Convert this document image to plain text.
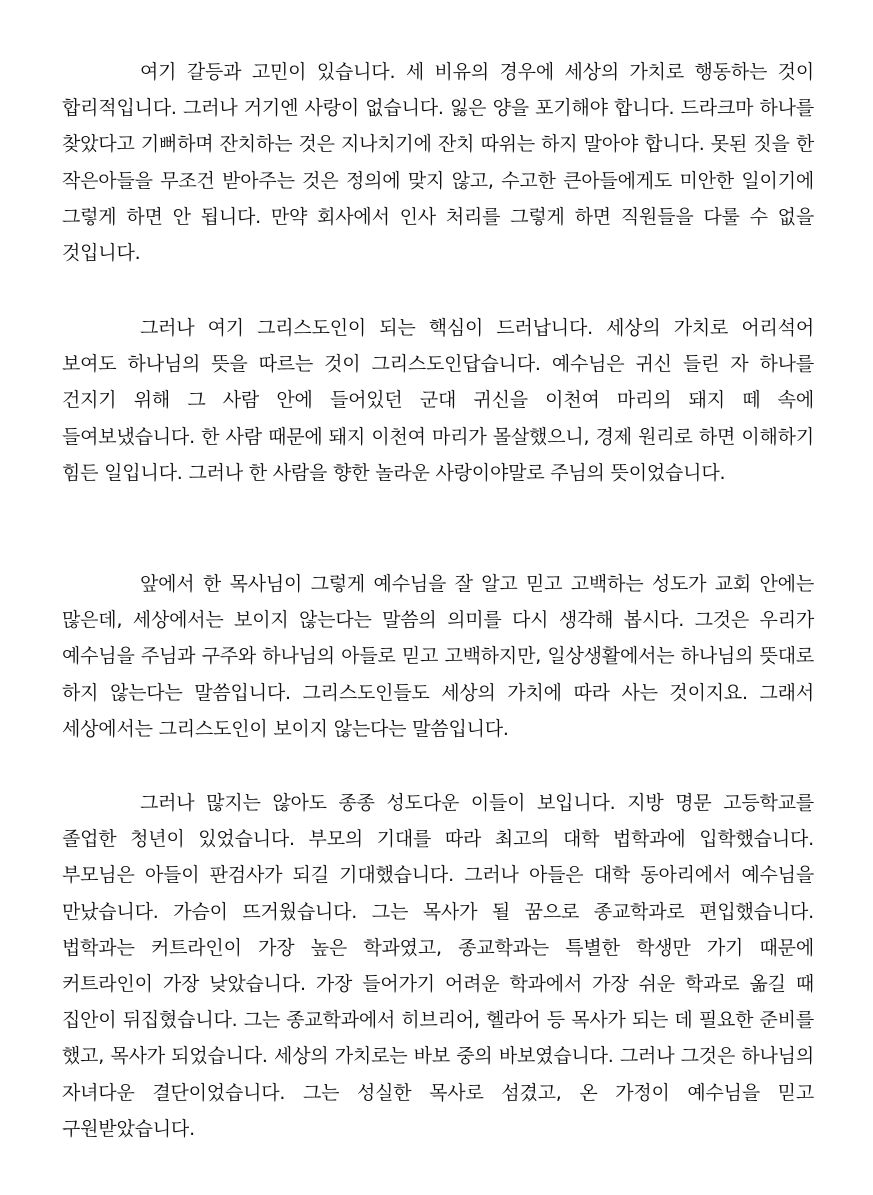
여기 갈등과 고민이 있습니다. 세 비유의 경우에 세상의 가치로 행동하는 것이 합리적입니다. 그러나 거기엔 사랑이 없습니다. 잃은 양을 포기해야 합니다. 드라크마 하나를 찾았다고 기뻐하며 잔치하는 것은 지나치기에 잔치 따위는 하지 말아야 합니다. 못된 짓을 한 작은아들을 무조건 받아주는 것은 정의에 맞지 않고, 수고한 큰아들에게도 미안한 일이기에 그렇게 하면 안 됩니다. 만약 회사에서 인사 처리를 그렇게 하면 직원들을 다룰 수 없을 것입니다.

그러나 여기 그리스도인이 되는 핵심이 드러납니다. 세상의 가치로 어리석어 보여도 하나님의 뜻을 따르는 것이 그리스도인답습니다. 예수님은 귀신 들린 자 하나를 건지기 위해 그 사람 안에 들어있던 군대 귀신을 이천여 마리의 돼지 떼 속에 들여보냈습니다. 한 사람 때문에 돼지 이천여 마리가 몰살했으니, 경제 원리로 하면 이해하기 힘든 일입니다. 그러나 한 사람을 향한 놀라운 사랑이야말로 주님의 뜻이었습니다.

앞에서 한 목사님이 그렇게 예수님을 잘 알고 믿고 고백하는 성도가 교회 안에는 많은데, 세상에서는 보이지 않는다는 말씀의 의미를 다시 생각해 봅시다. 그것은 우리가 예수님을 주님과 구주와 하나님의 아들로 믿고 고백하지만, 일상생활에서는 하나님의 뜻대로 하지 않는다는 말씀입니다. 그리스도인들도 세상의 가치에 따라 사는 것이지요. 그래서 세상에서는 그리스도인이 보이지 않는다는 말씀입니다.

그러나 많지는 않아도 종종 성도다운 이들이 보입니다. 지방 명문 고등학교를 졸업한 청년이 있었습니다. 부모의 기대를 따라 최고의 대학 법학과에 입학했습니다. 부모님은 아들이 판검사가 되길 기대했습니다. 그러나 아들은 대학 동아리에서 예수님을 만났습니다. 가슴이 뜨거웠습니다. 그는 목사가 될 꿈으로 종교학과로 편입했습니다. 법학과는 커트라인이 가장 높은 학과였고, 종교학과는 특별한 학생만 가기 때문에 커트라인이 가장 낮았습니다. 가장 들어가기 어려운 학과에서 가장 쉬운 학과로 옮길 때 집안이 뒤집혔습니다. 그는 종교학과에서 히브리어, 헬라어 등 목사가 되는 데 필요한 준비를 했고, 목사가 되었습니다. 세상의 가치로는 바보 중의 바보였습니다. 그러나 그것은 하나님의 자녀다운 결단이었습니다. 그는 성실한 목사로 섬겼고, 온 가정이 예수님을 믿고 구원받았습니다.
